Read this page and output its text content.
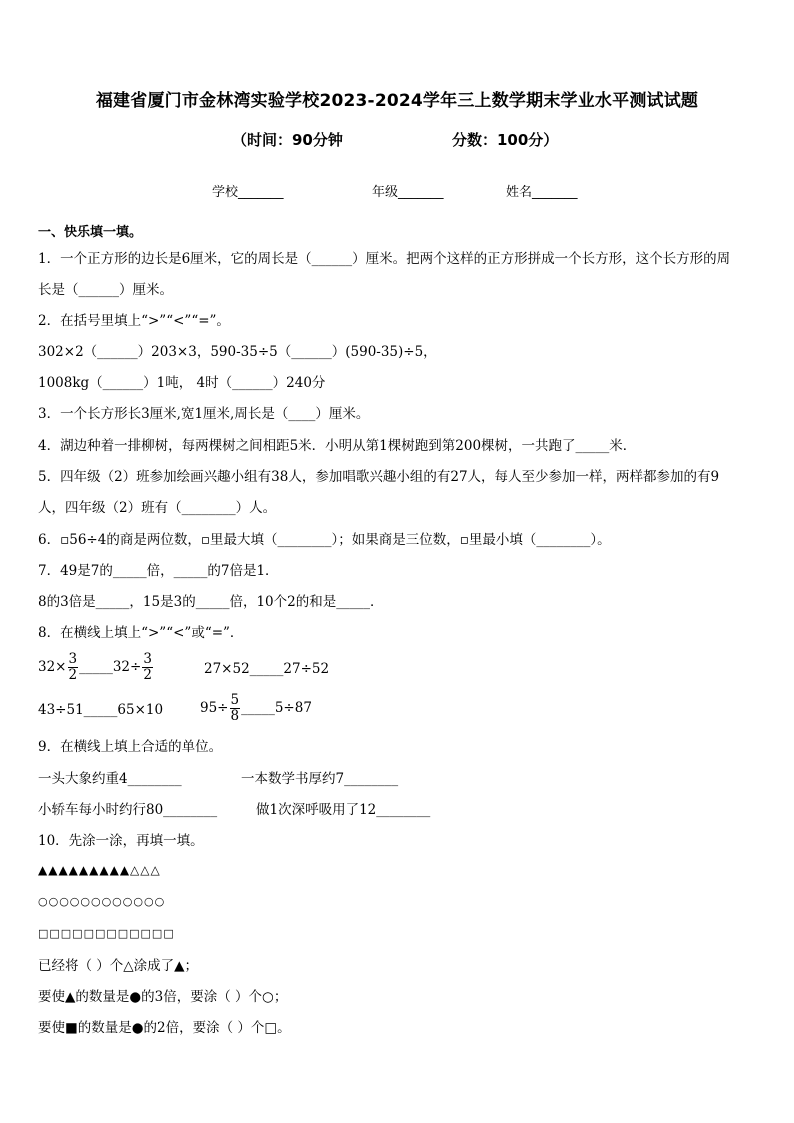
福建省厦门市金林湾实验学校2023-2024学年三上数学期末学业水平测试试题
（时间：90分钟	分数：100分）
学校_______	年级_______	姓名_______
一、快乐填一填。
1．一个正方形的边长是6厘米，它的周长是（______）厘米。把两个这样的正方形拼成一个长方形，这个长方形的周
长是（______）厘米。
2．在括号里填上“>”“<”“=”。
302×2（______）203×3，590-35÷5（______）(590-35)÷5，
1008kg（______）1吨， 4时（______）240分
3．一个长方形长3厘米,宽1厘米,周长是（____）厘米。
4．湖边种着一排柳树，每两棵树之间相距5米．小明从第1棵树跑到第200棵树，一共跑了_____米．
5．四年级（2）班参加绘画兴趣小组有38人，参加唱歌兴趣小组的有27人，每人至少参加一样，两样都参加的有9
人，四年级（2）班有（________）人。
6．▫56÷4的商是两位数，▫里最大填（________）；如果商是三位数，▫里最小填（________）。
7．49是7的_____倍，_____的7倍是1．
8的3倍是_____，15是3的_____倍，10个2的和是_____．
8．在横线上填上“>”“<”或“=”．
$32\times \frac{3}{2}$ _____32÷ $\frac{3}{2}$	27×52_____27÷52
43÷51_____65×10	$95\div \frac{5}{8}$ _____5÷87
9．在横线上填上合适的单位。
一头大象约重4________	一本数学书厚约7________
小轿车每小时约行80________	做1次深呼吸用了12________
10．先涂一涂，再填一填。
▲▲▲▲▲▲▲▲▲△△△
○○○○○○○○○○○○
□□□□□□□□□□□□
已经将（ ）个△涂成了▲；
要使▲的数量是●的3倍，要涂（ ）个○；
要使■的数量是●的2倍，要涂（ ）个□。
